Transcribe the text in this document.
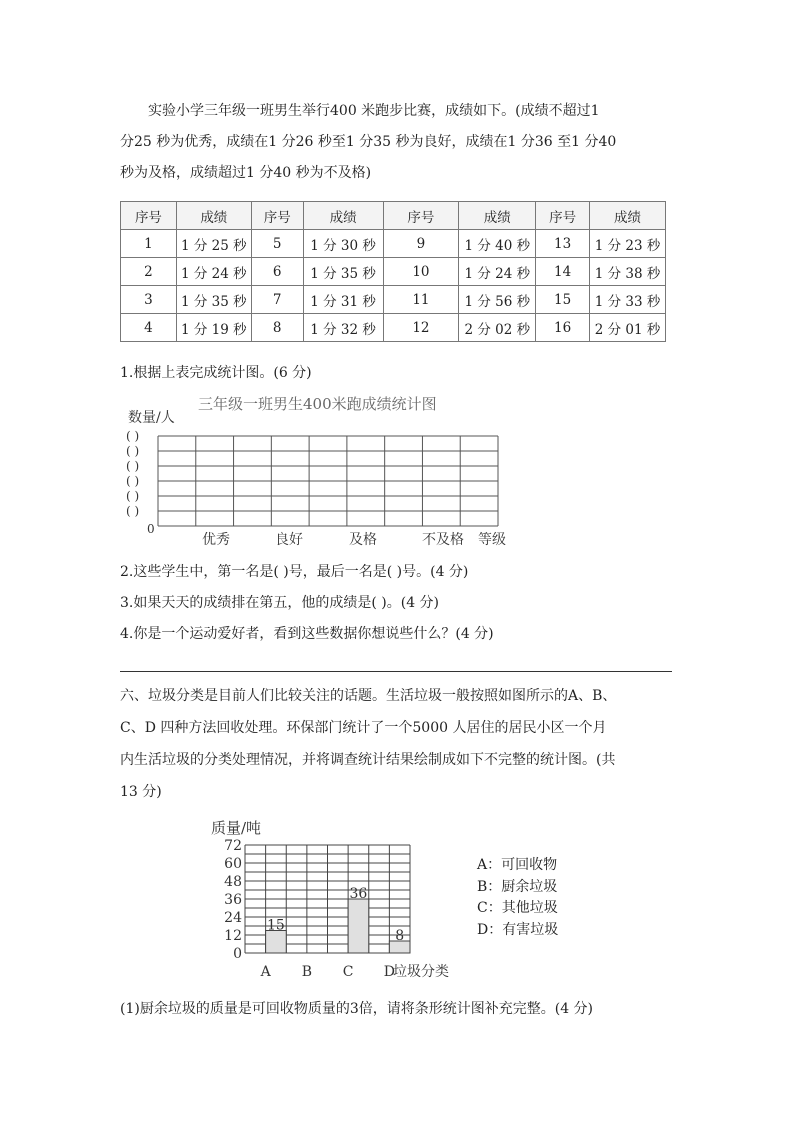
实验小学三年级一班男生举行400 米跑步比赛，成绩如下。(成绩不超过1
分25 秒为优秀，成绩在1 分26 秒至1 分35 秒为良好，成绩在1 分36 至1 分40
秒为及格，成绩超过1 分40 秒为不及格)
序号	成绩	序号	成绩	序号	成绩	序号	成绩
1	1 分 25 秒	5	1 分 30 秒	9	1 分 40 秒	13	1 分 23 秒
2	1 分 24 秒	6	1 分 35 秒	10	1 分 24 秒	14	1 分 38 秒
3	1 分 35 秒	7	1 分 31 秒	11	1 分 56 秒	15	1 分 33 秒
4	1 分 19 秒	8	1 分 32 秒	12	2 分 02 秒	16	2 分 01 秒
1.根据上表完成统计图。(6 分)
三年级一班男生400米跑成绩统计图
数量/人
( )
( )
( )
( )
( )
( )
0
优秀	良好	及格	不及格 等级
2.这些学生中，第一名是( )号，最后一名是( )号。(4 分)
3.如果天天的成绩排在第五，他的成绩是( )。(4 分)
4.你是一个运动爱好者，看到这些数据你想说些什么？(4 分)
六、垃圾分类是目前人们比较关注的话题。生活垃圾一般按照如图所示的A、B、
C、D 四种方法回收处理。环保部门统计了一个5000 人居住的居民小区一个月
内生活垃圾的分类处理情况，并将调查统计结果绘制成如下不完整的统计图。(共
13 分)
质量/吨
0
12
24
36
48
60
72
15
A B
36
C
8
D
垃圾分类
A：可回收物
B：厨余垃圾
C：其他垃圾
D：有害垃圾
(1)厨余垃圾的质量是可回收物质量的3倍，请将条形统计图补充完整。(4 分)
